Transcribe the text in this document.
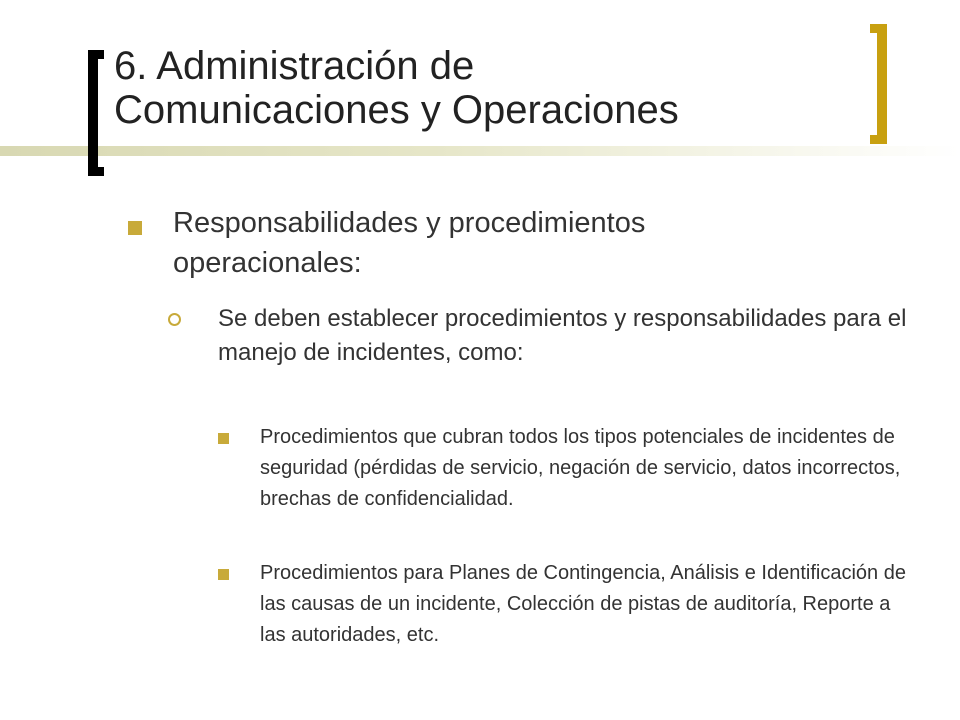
6. Administración de
Comunicaciones y Operaciones
Responsabilidades y procedimientos operacionales:
Se deben establecer procedimientos y responsabilidades para el manejo de incidentes, como:
Procedimientos que cubran todos los tipos potenciales de incidentes de seguridad (pérdidas de servicio, negación de servicio, datos incorrectos, brechas de confidencialidad.
Procedimientos para Planes de Contingencia, Análisis e Identificación de las causas de un incidente, Colección de pistas de auditoría, Reporte a las autoridades, etc.
